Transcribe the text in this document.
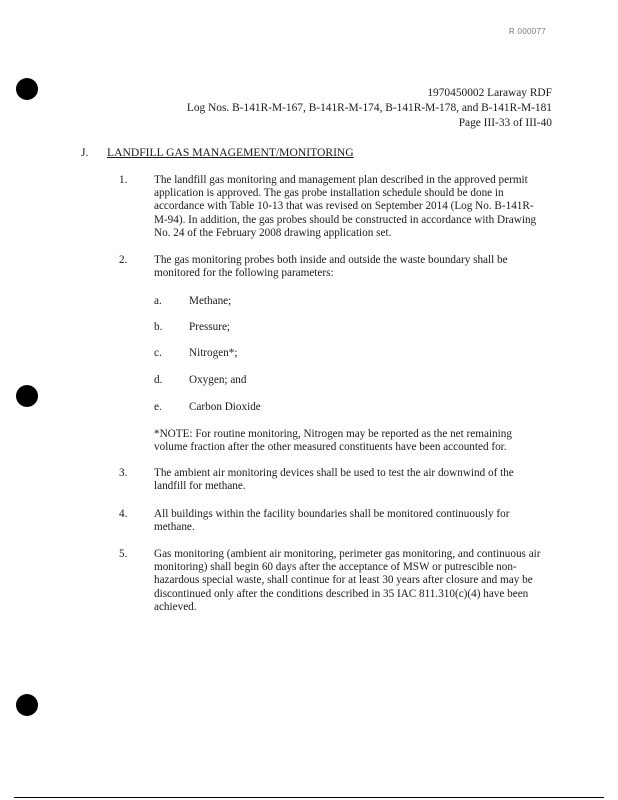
R 000077
1970450002 Laraway RDF
Log Nos. B-141R-M-167, B-141R-M-174, B-141R-M-178, and B-141R-M-181
Page III-33 of III-40
J. LANDFILL GAS MANAGEMENT/MONITORING
1. The landfill gas monitoring and management plan described in the approved permit application is approved. The gas probe installation schedule should be done in accordance with Table 10-13 that was revised on September 2014 (Log No. B-141R-M-94). In addition, the gas probes should be constructed in accordance with Drawing No. 24 of the February 2008 drawing application set.
2. The gas monitoring probes both inside and outside the waste boundary shall be monitored for the following parameters:
a. Methane;
b. Pressure;
c. Nitrogen*;
d. Oxygen; and
e. Carbon Dioxide
*NOTE: For routine monitoring, Nitrogen may be reported as the net remaining volume fraction after the other measured constituents have been accounted for.
3. The ambient air monitoring devices shall be used to test the air downwind of the landfill for methane.
4. All buildings within the facility boundaries shall be monitored continuously for methane.
5. Gas monitoring (ambient air monitoring, perimeter gas monitoring, and continuous air monitoring) shall begin 60 days after the acceptance of MSW or putrescible non-hazardous special waste, shall continue for at least 30 years after closure and may be discontinued only after the conditions described in 35 IAC 811.310(c)(4) have been achieved.
